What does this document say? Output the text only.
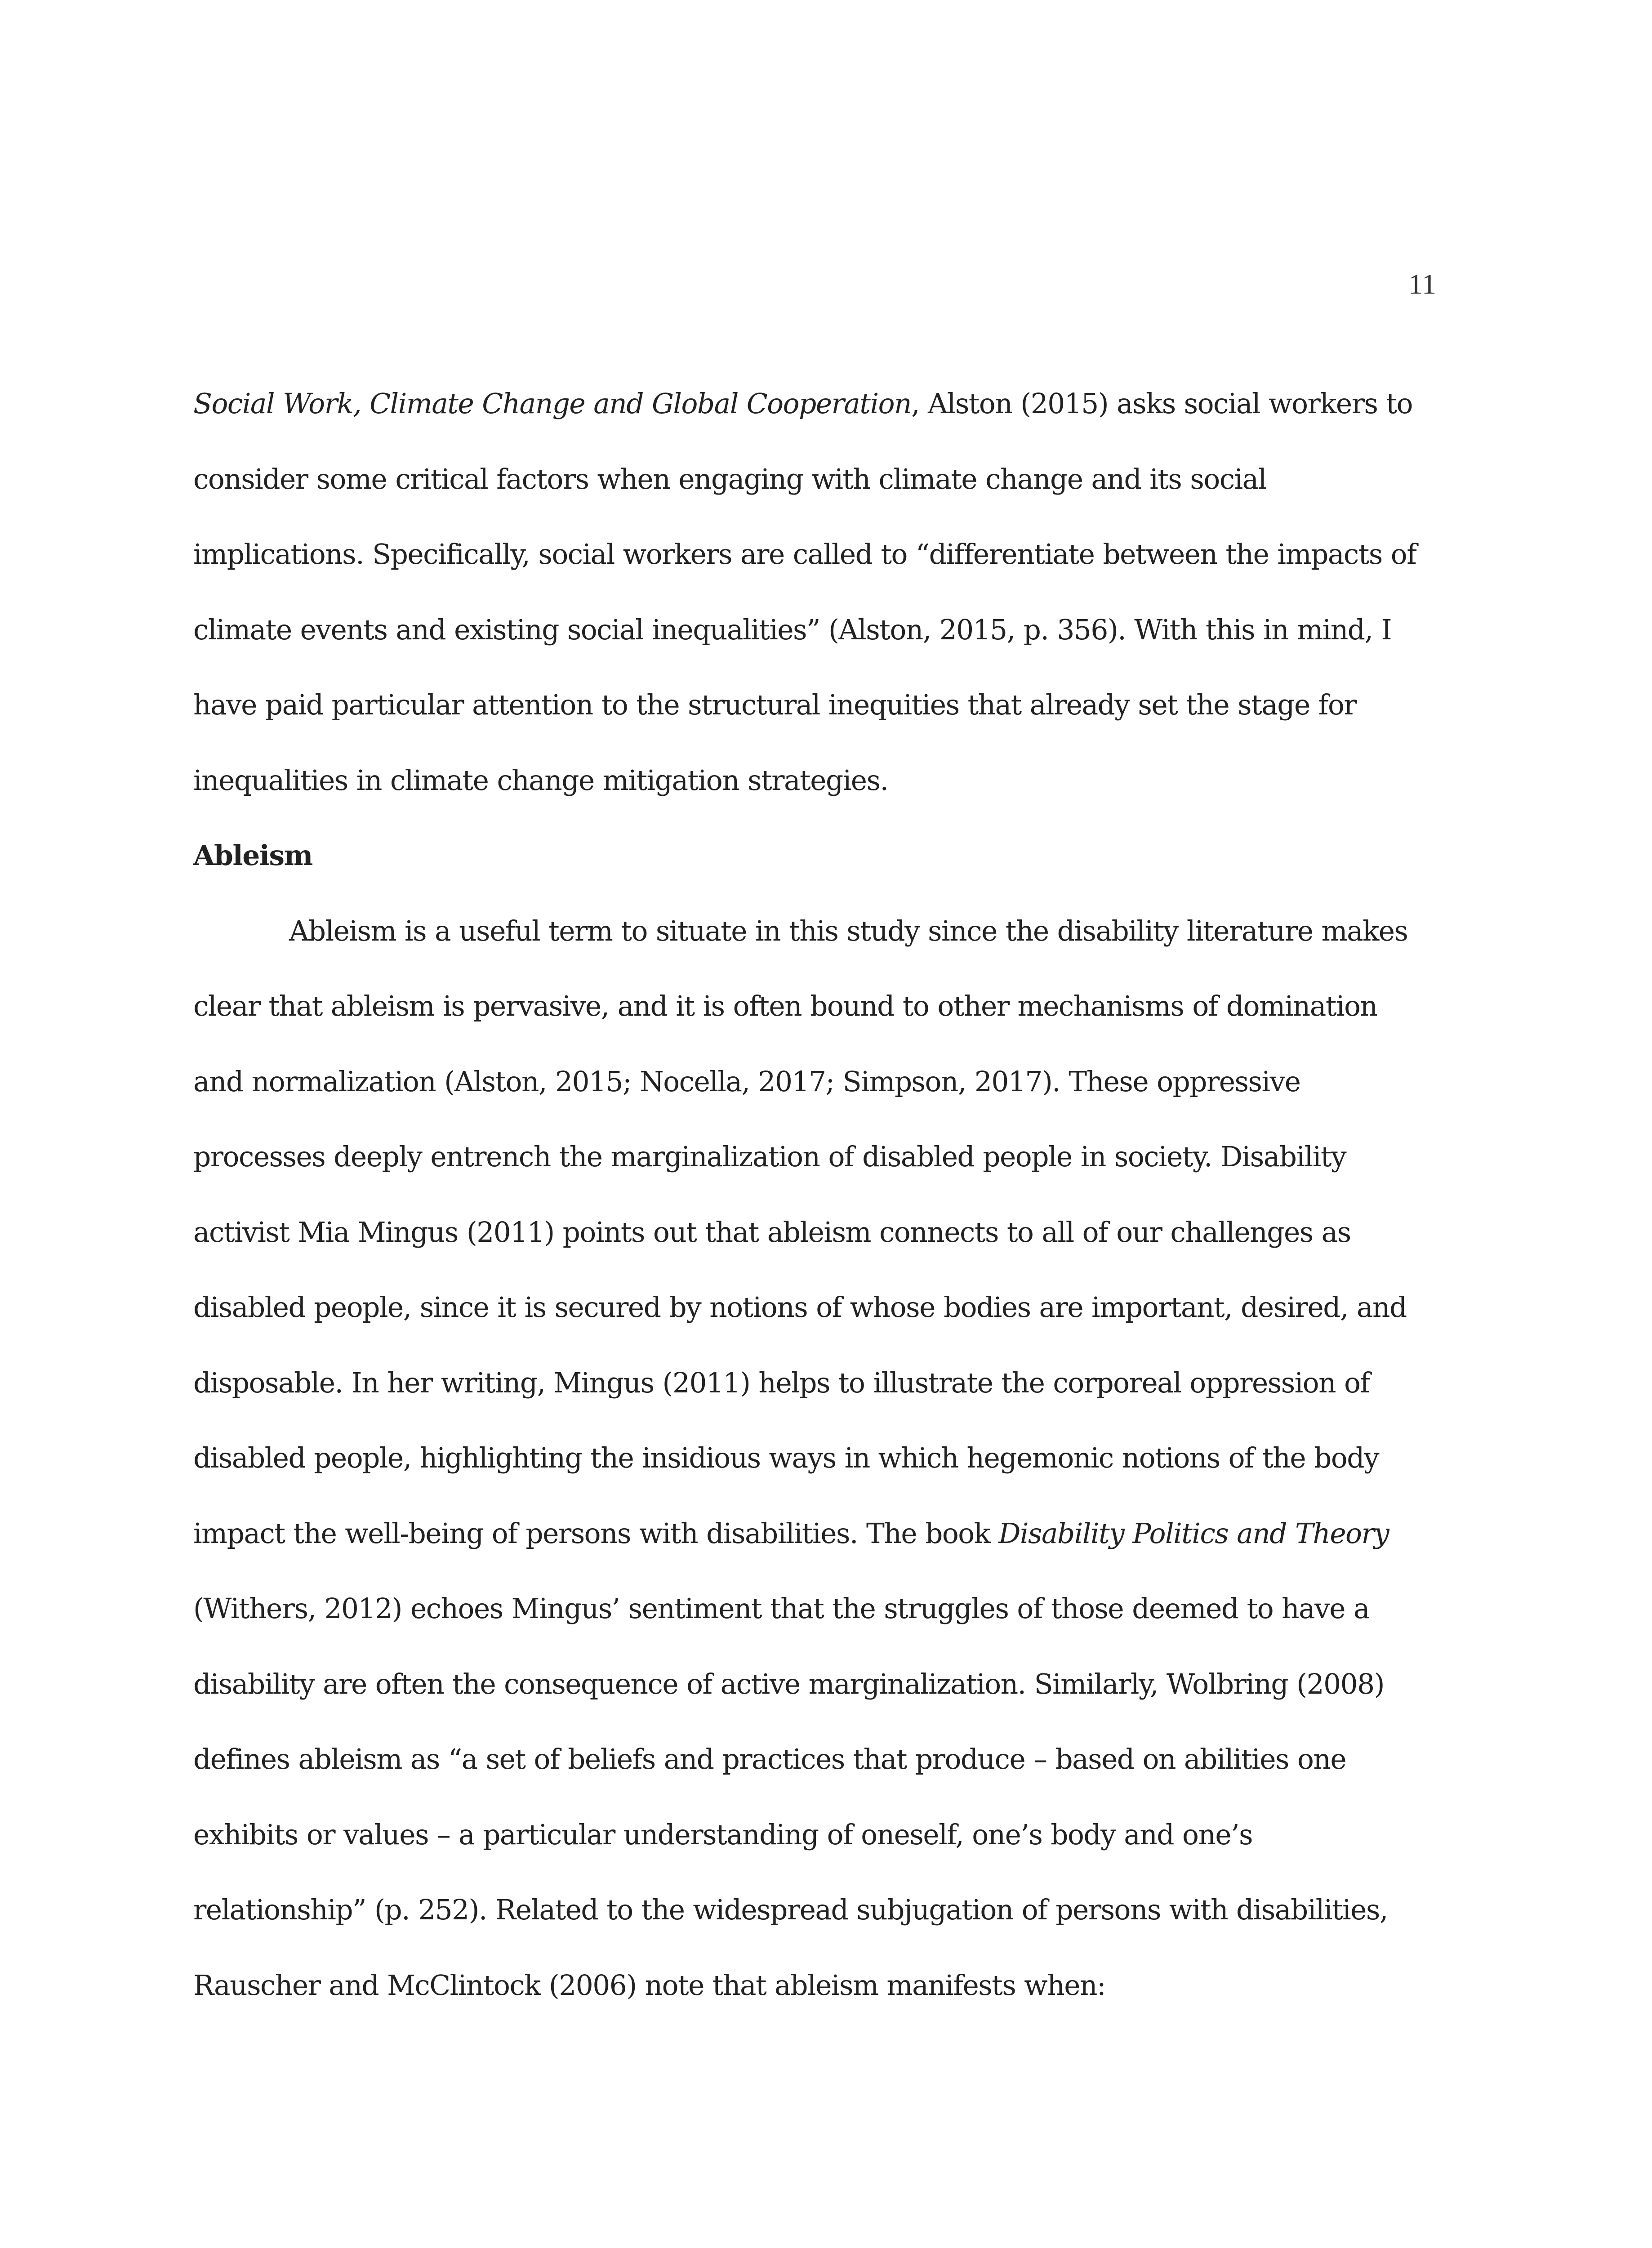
11

Social Work, Climate Change and Global Cooperation, Alston (2015) asks social workers to
consider some critical factors when engaging with climate change and its social
implications. Specifically, social workers are called to “differentiate between the impacts of
climate events and existing social inequalities” (Alston, 2015, p. 356). With this in mind, I
have paid particular attention to the structural inequities that already set the stage for
inequalities in climate change mitigation strategies.

Ableism

Ableism is a useful term to situate in this study since the disability literature makes
clear that ableism is pervasive, and it is often bound to other mechanisms of domination
and normalization (Alston, 2015; Nocella, 2017; Simpson, 2017). These oppressive
processes deeply entrench the marginalization of disabled people in society. Disability
activist Mia Mingus (2011) points out that ableism connects to all of our challenges as
disabled people, since it is secured by notions of whose bodies are important, desired, and
disposable. In her writing, Mingus (2011) helps to illustrate the corporeal oppression of
disabled people, highlighting the insidious ways in which hegemonic notions of the body
impact the well-being of persons with disabilities. The book Disability Politics and Theory
(Withers, 2012) echoes Mingus’ sentiment that the struggles of those deemed to have a
disability are often the consequence of active marginalization. Similarly, Wolbring (2008)
defines ableism as “a set of beliefs and practices that produce – based on abilities one
exhibits or values – a particular understanding of oneself, one’s body and one’s
relationship” (p. 252). Related to the widespread subjugation of persons with disabilities,
Rauscher and McClintock (2006) note that ableism manifests when:
